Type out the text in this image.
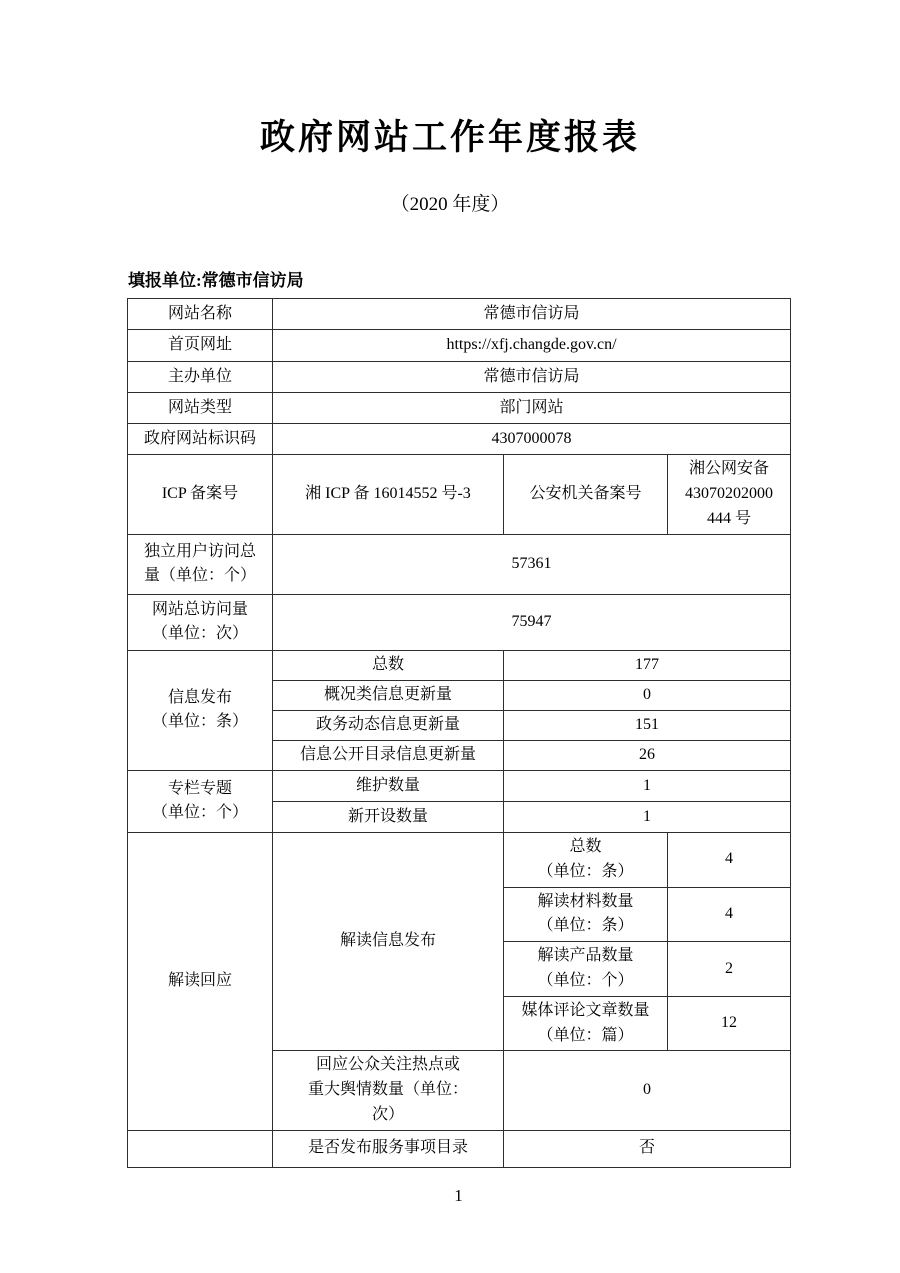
政府网站工作年度报表
（2020 年度）
填报单位:常德市信访局
网站名称	常德市信访局		
首页网址	https://xfj.changde.gov.cn/		
主办单位	常德市信访局		
网站类型	部门网站		
政府网站标识码	4307000078		
ICP 备案号	湘 ICP 备 16014552 号-3	公安机关备案号	湘公网安备
43070202000
444 号
独立用户访问总
量（单位：个）	57361		
网站总访问量
（单位：次）	75947		
信息发布
（单位：条）	总数	177	
	概况类信息更新量	0	
	政务动态信息更新量	151	
	信息公开目录信息更新量	26	
专栏专题
（单位：个）	维护数量	1	
	新开设数量	1	
解读回应	解读信息发布	总数
（单位：条）	4
		解读材料数量
（单位：条）	4
		解读产品数量
（单位：个）	2
		媒体评论文章数量
（单位：篇）	12
	回应公众关注热点或
重大舆情数量（单位：
次）	0	
	是否发布服务事项目录	否	
1
